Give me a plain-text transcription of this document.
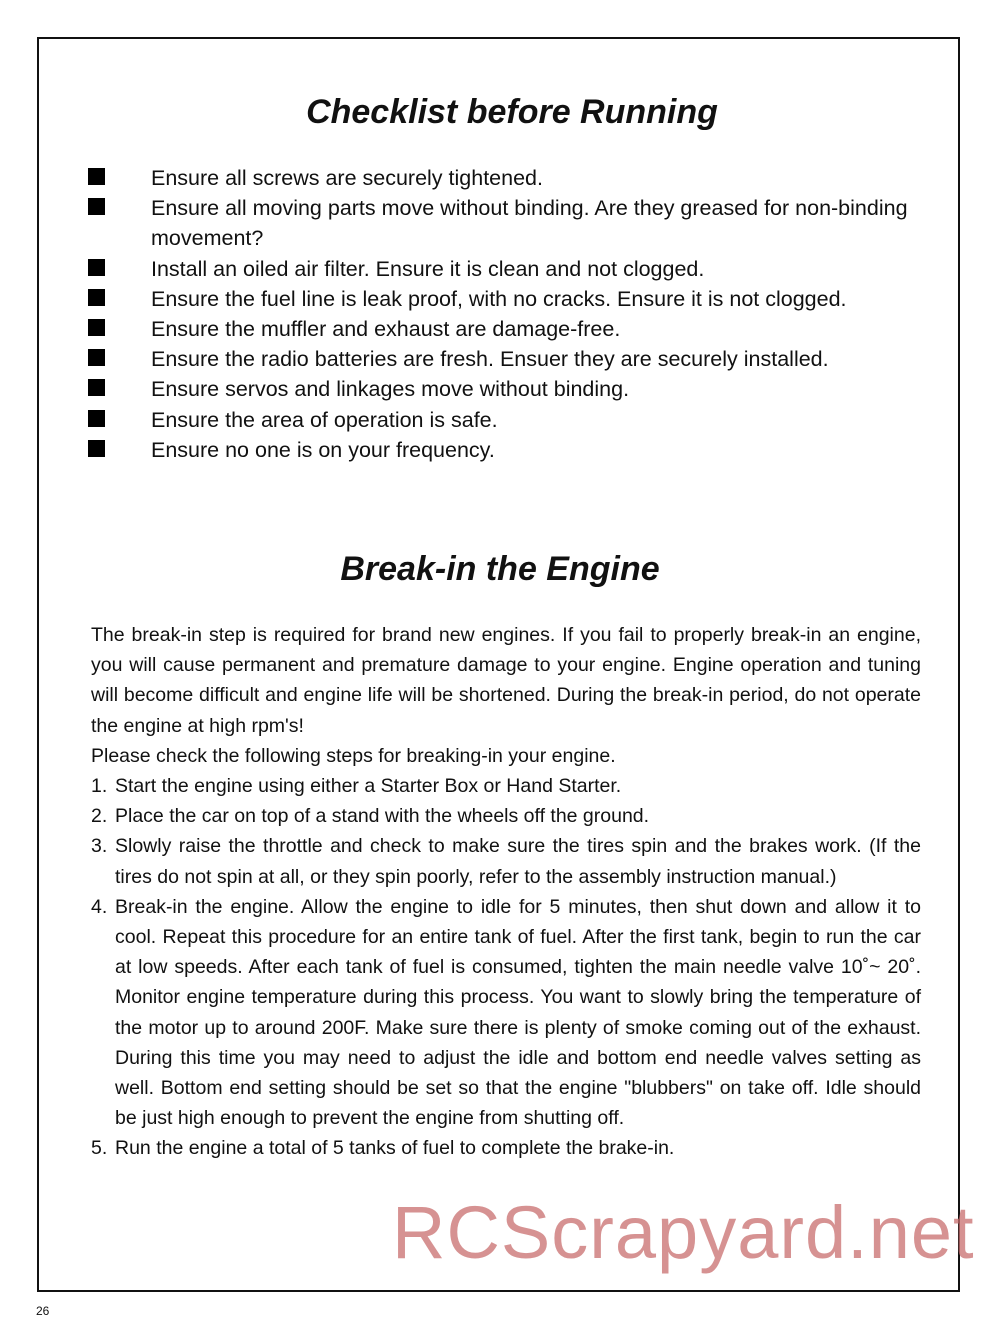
Checklist before Running
Ensure all screws are securely tightened.
Ensure all moving parts move without binding. Are they greased for non-binding movement?
Install an oiled air filter. Ensure it is clean and not clogged.
Ensure the fuel line is leak proof, with no cracks. Ensure it is not clogged.
Ensure the muffler and exhaust are damage-free.
Ensure the radio batteries are fresh. Ensuer they are securely installed.
Ensure servos and linkages move without binding.
Ensure the area of operation is safe.
Ensure no one is on your frequency.
Break-in the Engine

The break-in step is required for brand new engines. If you fail to properly break-in an engine, you will cause permanent and premature damage to your engine. Engine operation and tuning will become difficult and engine life will be shortened. During the break-in period, do not operate the engine at high rpm's!

Please check the following steps for breaking-in your engine.

1. Start the engine using either a Starter Box or Hand Starter.
2. Place the car on top of a stand with the wheels off the ground.
3. Slowly raise the throttle and check to make sure the tires spin and the brakes work. (If the tires do not spin at all, or they spin poorly, refer to the assembly instruction manual.)
4. Break-in the engine. Allow the engine to idle for 5 minutes, then shut down and allow it to cool. Repeat this procedure for an entire tank of fuel. After the first tank, begin to run the car at low speeds. After each tank of fuel is consumed, tighten the main needle valve 10˚~ 20˚. Monitor engine temperature during this process. You want to slowly bring the temperature of the motor up to around 200F. Make sure there is plenty of smoke coming out of the exhaust. During this time you may need to adjust the idle and bottom end needle valves setting as well. Bottom end setting should be set so that the engine "blubbers" on take off. Idle should be just high enough to prevent the engine from shutting off.
5. Run the engine a total of 5 tanks of fuel to complete the brake-in.
RCScrapyard.net
26
